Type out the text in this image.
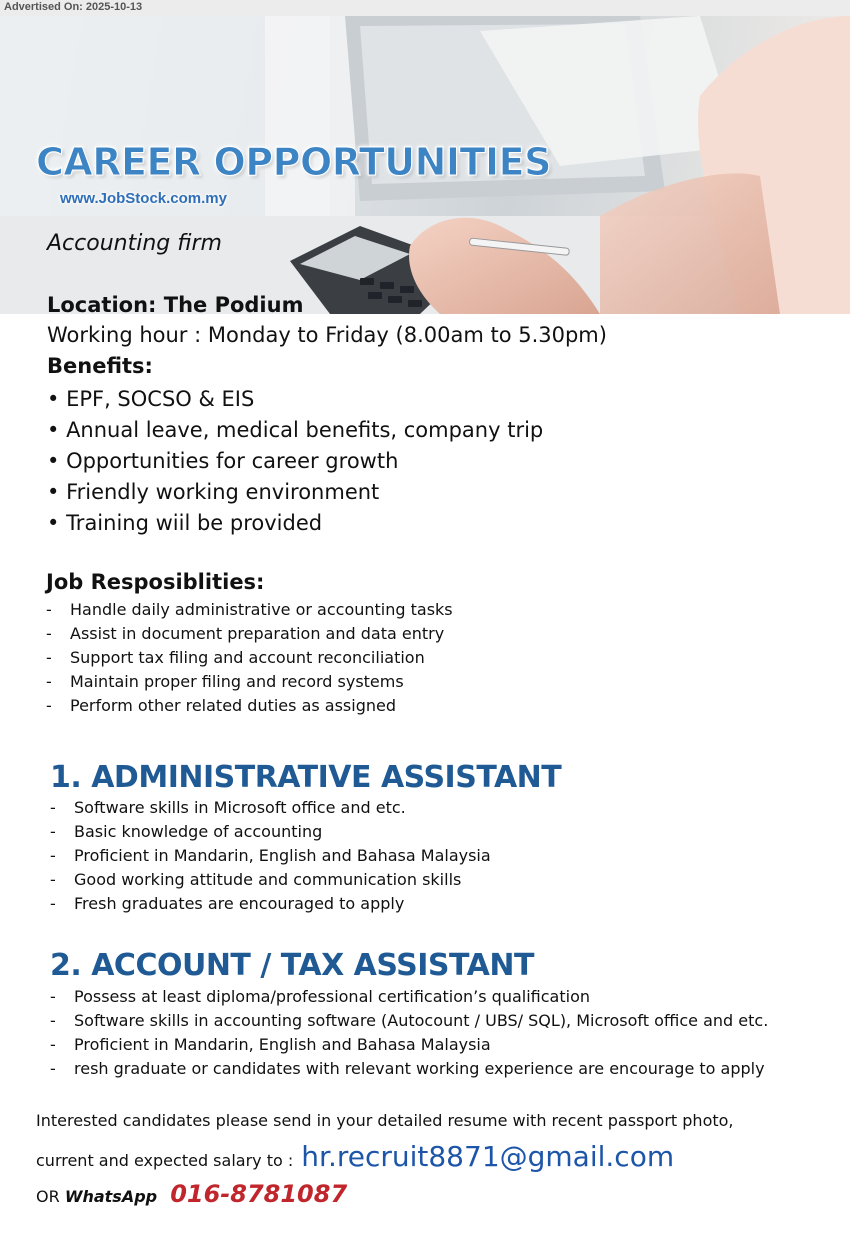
Advertised On: 2025-10-13
CAREER OPPORTUNITIES
www.JobStock.com.my
Accounting firm
Location: The Podium
Working hour : Monday to Friday (8.00am to 5.30pm)
Benefits:
• EPF, SOCSO & EIS
• Annual leave, medical benefits, company trip
• Opportunities for career growth
• Friendly working environment
• Training wiil be provided
Job Resposiblities:
- Handle daily administrative or accounting tasks
- Assist in document preparation and data entry
- Support tax filing and account reconciliation
- Maintain proper filing and record systems
- Perform other related duties as assigned
1. ADMINISTRATIVE ASSISTANT
- Software skills in Microsoft office and etc.
- Basic knowledge of accounting
- Proficient in Mandarin, English and Bahasa Malaysia
- Good working attitude and communication skills
- Fresh graduates are encouraged to apply
2. ACCOUNT / TAX ASSISTANT
- Possess at least diploma/professional certification’s qualification
- Software skills in accounting software (Autocount / UBS/ SQL), Microsoft office and etc.
- Proficient in Mandarin, English and Bahasa Malaysia
- resh graduate or candidates with relevant working experience are encourage to apply
Interested candidates please send in your detailed resume with recent passport photo,
current and expected salary to : hr.recruit8871@gmail.com
OR WhatsApp 016-8781087
